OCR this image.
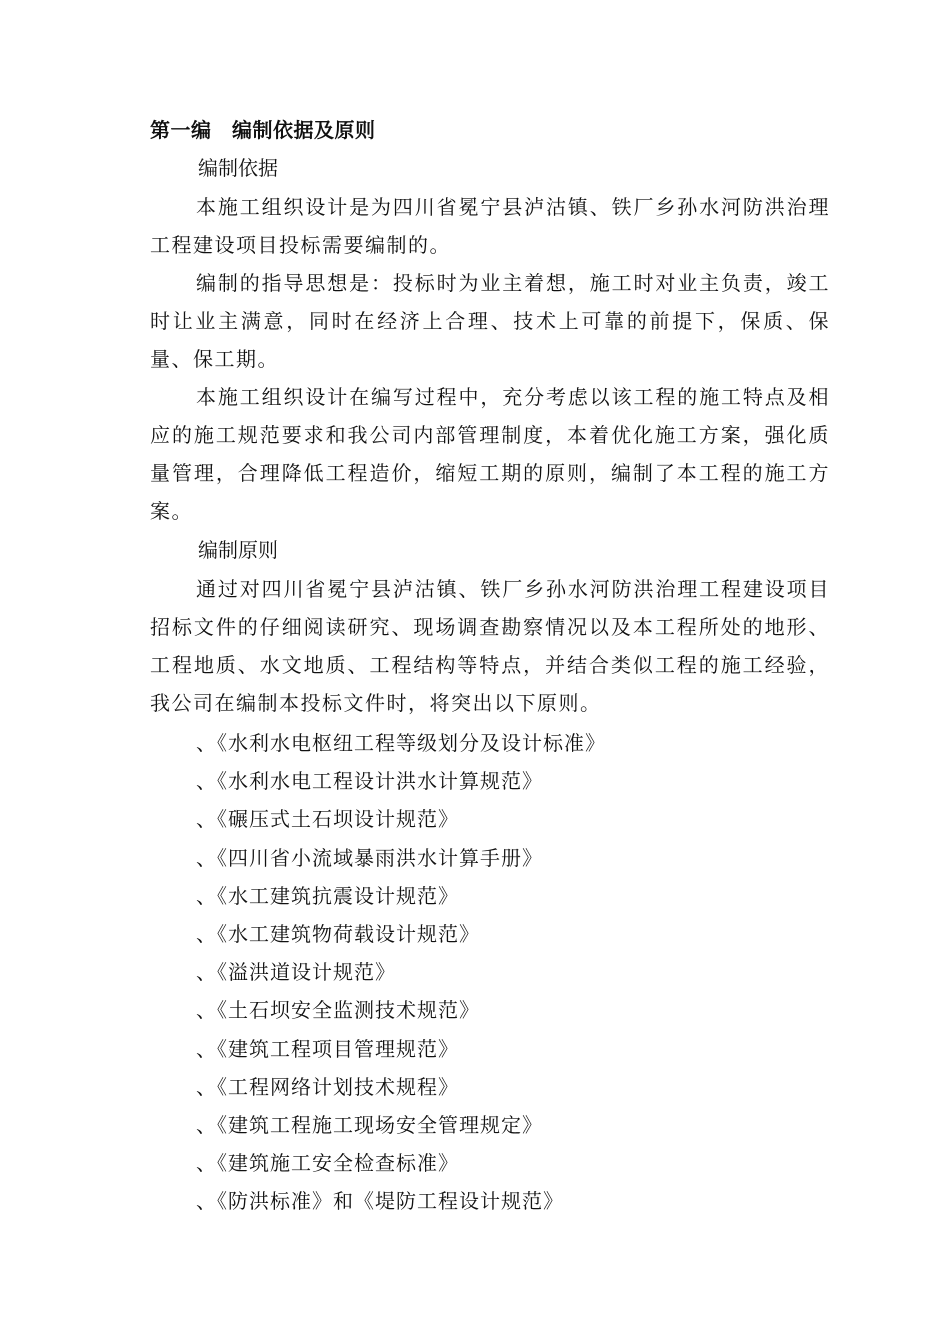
第一编　编制依据及原则
编制依据

本施工组织设计是为四川省冕宁县泸沽镇、铁厂乡孙水河防洪治理工程建设项目投标需要编制的。

编制的指导思想是：投标时为业主着想，施工时对业主负责，竣工时让业主满意，同时在经济上合理、技术上可靠的前提下，保质、保量、保工期。

本施工组织设计在编写过程中，充分考虑以该工程的施工特点及相应的施工规范要求和我公司内部管理制度，本着优化施工方案，强化质量管理，合理降低工程造价，缩短工期的原则，编制了本工程的施工方案。

编制原则

通过对四川省冕宁县泸沽镇、铁厂乡孙水河防洪治理工程建设项目招标文件的仔细阅读研究、现场调查勘察情况以及本工程所处的地形、工程地质、水文地质、工程结构等特点，并结合类似工程的施工经验，我公司在编制本投标文件时，将突出以下原则。

、《水利水电枢纽工程等级划分及设计标准》
、《水利水电工程设计洪水计算规范》
、《碾压式土石坝设计规范》
、《四川省小流域暴雨洪水计算手册》
、《水工建筑抗震设计规范》
、《水工建筑物荷载设计规范》
、《溢洪道设计规范》
、《土石坝安全监测技术规范》
、《建筑工程项目管理规范》
、《工程网络计划技术规程》
、《建筑工程施工现场安全管理规定》
、《建筑施工安全检查标准》
、《防洪标准》和《堤防工程设计规范》
